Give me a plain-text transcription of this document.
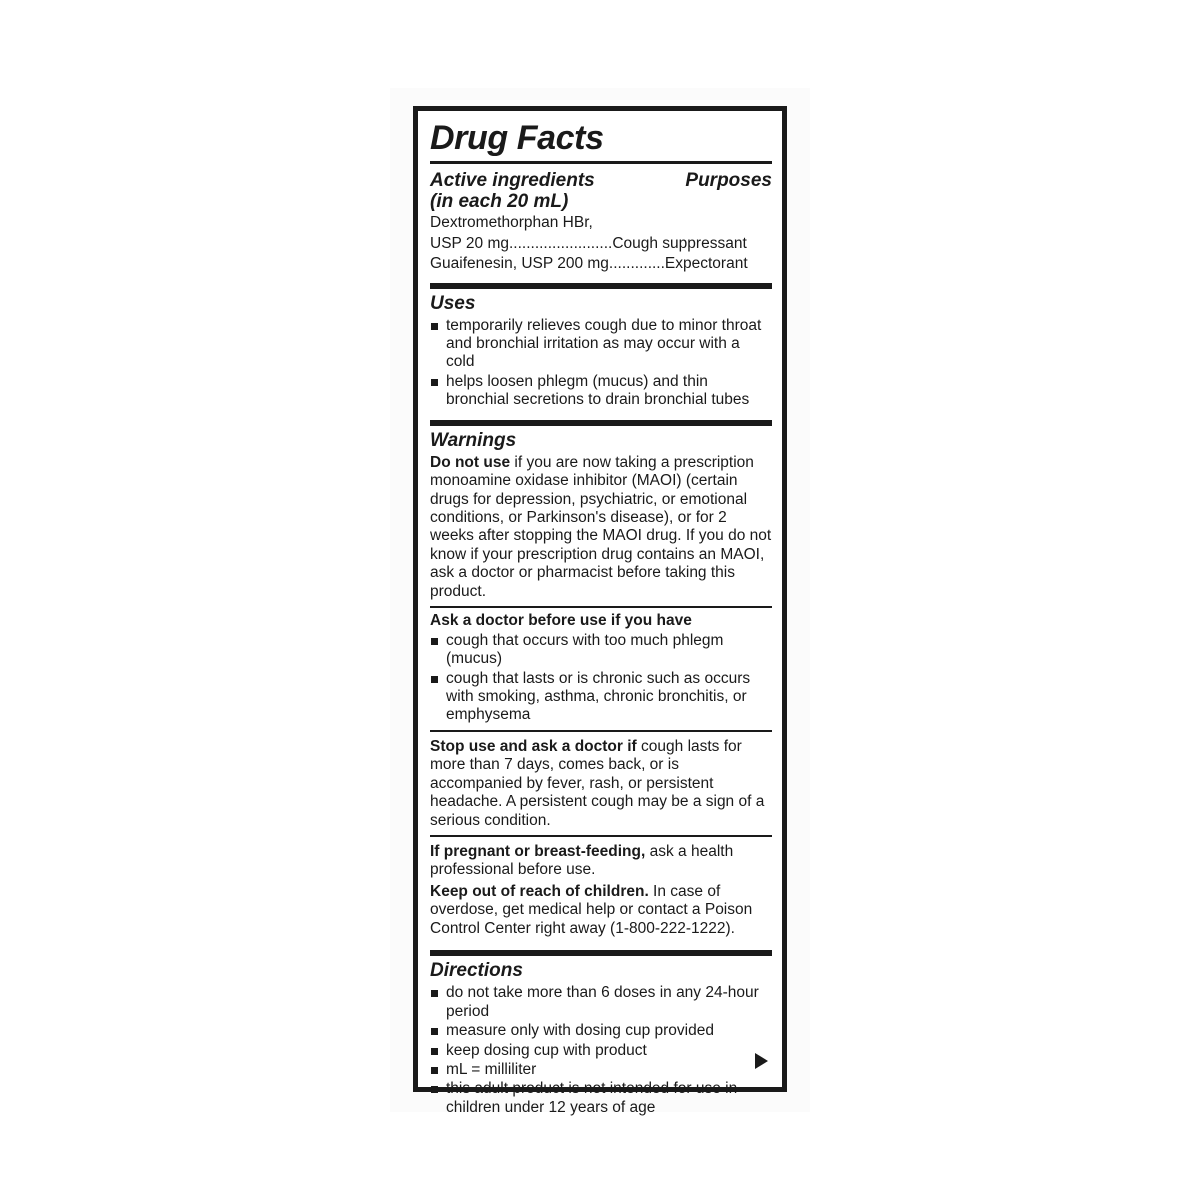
Drug Facts
Active ingredients
(in each 20 mL)
Purposes
Dextromethorphan HBr,
USP 20 mg........................Cough suppressant
Guaifenesin, USP 200 mg.............Expectorant
Uses
temporarily relieves cough due to minor throat and bronchial irritation as may occur with a cold
helps loosen phlegm (mucus) and thin bronchial secretions to drain bronchial tubes
Warnings
Do not use if you are now taking a prescription monoamine oxidase inhibitor (MAOI) (certain drugs for depression, psychiatric, or emotional conditions, or Parkinson's disease), or for 2 weeks after stopping the MAOI drug. If you do not know if your prescription drug contains an MAOI, ask a doctor or pharmacist before taking this product.
Ask a doctor before use if you have
cough that occurs with too much phlegm (mucus)
cough that lasts or is chronic such as occurs with smoking, asthma, chronic bronchitis, or emphysema
Stop use and ask a doctor if cough lasts for more than 7 days, comes back, or is accompanied by fever, rash, or persistent headache. A persistent cough may be a sign of a serious condition.
If pregnant or breast-feeding, ask a health professional before use.
Keep out of reach of children. In case of overdose, get medical help or contact a Poison Control Center right away (1-800-222-1222).
Directions
do not take more than 6 doses in any 24-hour period
measure only with dosing cup provided
keep dosing cup with product
mL = milliliter
this adult product is not intended for use in children under 12 years of age
